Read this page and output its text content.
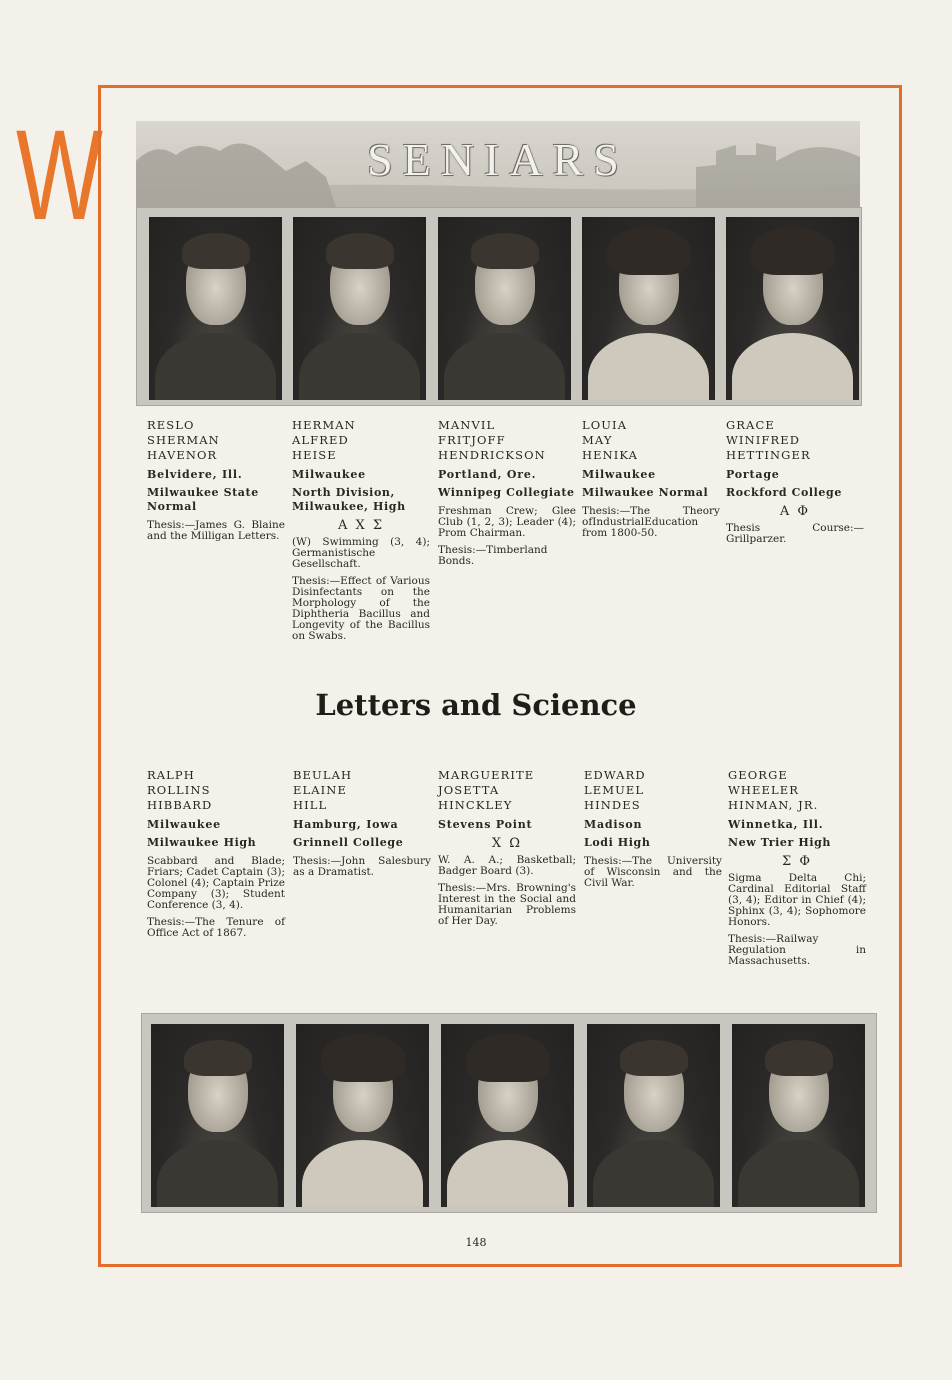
W	SENIARS
RESLO
SHERMAN
HAVENOR
Belvidere, Ill.
Milwaukee State Normal
Thesis:—James G. Blaine and the Milligan Letters.
HERMAN
ALFRED
HEISE
Milwaukee
North Division, Milwaukee, High
Α Χ Σ
(W) Swimming (3, 4); Germanistische Gesellschaft.
Thesis:—Effect of Various Disinfectants on the Morphology of the Diphtheria Bacillus and Longevity of the Bacillus on Swabs.
MANVIL
FRITJOFF
HENDRICKSON
Portland, Ore.
Winnipeg Collegiate
Freshman Crew; Glee Club (1, 2, 3); Leader (4); Prom Chairman.
Thesis:—Timberland Bonds.
LOUIA
MAY
HENIKA
Milwaukee
Milwaukee Normal
Thesis:—The Theory ofIndustrialEducation from 1800-50.
GRACE
WINIFRED
HETTINGER
Portage
Rockford College
Α Φ
Thesis Course:—Grillparzer.
Letters and Science
RALPH
ROLLINS
HIBBARD
Milwaukee
Milwaukee High
Scabbard and Blade; Friars; Cadet Captain (3); Colonel (4); Captain Prize Company (3); Student Conference (3, 4).
Thesis:—The Tenure of Office Act of 1867.
BEULAH
ELAINE
HILL
Hamburg, Iowa
Grinnell College
Thesis:—John Salesbury as a Dramatist.
MARGUERITE
JOSETTA
HINCKLEY
Stevens Point
Χ Ω
W. A. A.; Basketball; Badger Board (3).
Thesis:—Mrs. Browning's Interest in the Social and Humanitarian Problems of Her Day.
EDWARD
LEMUEL
HINDES
Madison
Lodi High
Thesis:—The University of Wisconsin and the Civil War.
GEORGE
WHEELER
HINMAN, JR.
Winnetka, Ill.
New Trier High
Σ Φ
Sigma Delta Chi; Cardinal Editorial Staff (3, 4); Editor in Chief (4); Sphinx (3, 4); Sophomore Honors.
Thesis:—Railway Regulation in Massachusetts.
148
